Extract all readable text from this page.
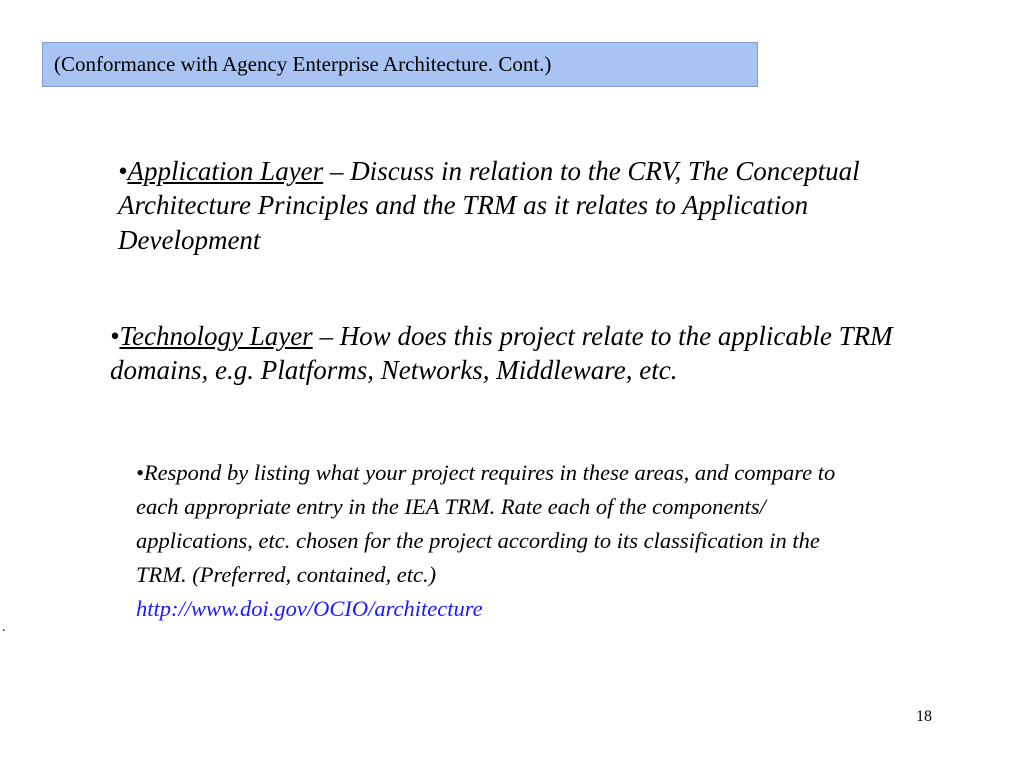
(Conformance with Agency Enterprise Architecture. Cont.)
•Application Layer – Discuss in relation to the CRV, The Conceptual Architecture Principles and the TRM as it relates to Application Development
•Technology Layer – How does this project relate to the applicable TRM domains, e.g. Platforms, Networks, Middleware, etc.
•Respond by listing what your project requires in these areas, and compare to each appropriate entry in the IEA TRM. Rate each of the components/ applications, etc. chosen for the project according to its classification in the TRM. (Preferred, contained, etc.)
http://www.doi.gov/OCIO/architecture
.
18
